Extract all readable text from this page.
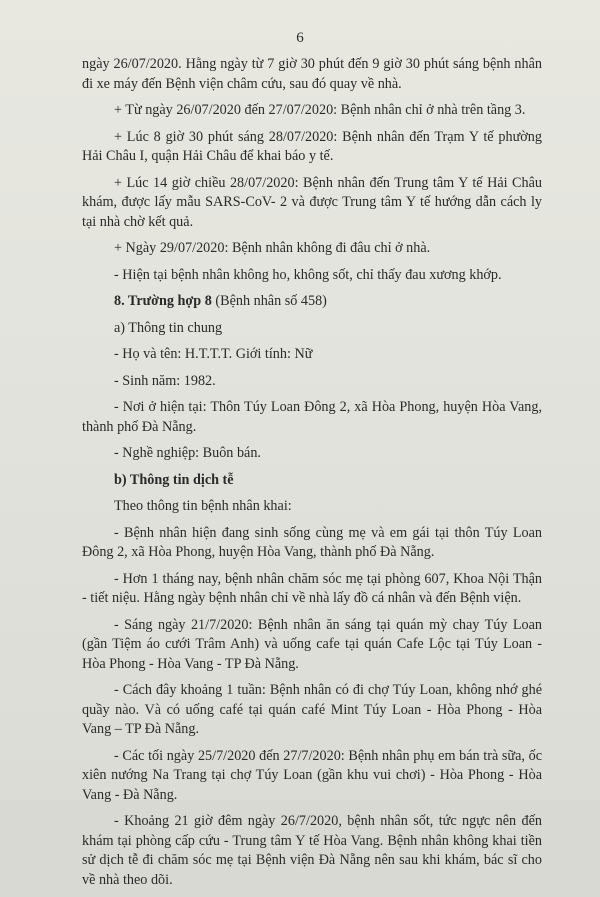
6

ngày 26/07/2020. Hằng ngày từ 7 giờ 30 phút đến 9 giờ 30 phút sáng bệnh nhân đi xe máy đến Bệnh viện châm cứu, sau đó quay về nhà.

+ Từ ngày 26/07/2020 đến 27/07/2020: Bệnh nhân chỉ ở nhà trên tầng 3.

+ Lúc 8 giờ 30 phút sáng 28/07/2020: Bệnh nhân đến Trạm Y tế phường Hải Châu I, quận Hải Châu để khai báo y tế.

+ Lúc 14 giờ chiều 28/07/2020: Bệnh nhân đến Trung tâm Y tế Hải Châu khám, được lấy mẫu SARS-CoV- 2 và được Trung tâm Y tế hướng dẫn cách ly tại nhà chờ kết quả.

+ Ngày 29/07/2020: Bệnh nhân không đi đâu chỉ ở nhà.

- Hiện tại bệnh nhân không ho, không sốt, chỉ thấy đau xương khớp.

8. Trường hợp 8 (Bệnh nhân số 458)

a) Thông tin chung

- Họ và tên: H.T.T.T. Giới tính: Nữ

- Sinh năm: 1982.

- Nơi ở hiện tại: Thôn Túy Loan Đông 2, xã Hòa Phong, huyện Hòa Vang, thành phố Đà Nẵng.

- Nghề nghiệp: Buôn bán.

b) Thông tin dịch tễ

Theo thông tin bệnh nhân khai:

- Bệnh nhân hiện đang sinh sống cùng mẹ và em gái tại thôn Túy Loan Đông 2, xã Hòa Phong, huyện Hòa Vang, thành phố Đà Nẵng.

- Hơn 1 tháng nay, bệnh nhân chăm sóc mẹ tại phòng 607, Khoa Nội Thận - tiết niệu. Hằng ngày bệnh nhân chỉ về nhà lấy đồ cá nhân và đến Bệnh viện.

- Sáng ngày 21/7/2020: Bệnh nhân ăn sáng tại quán mỳ chay Túy Loan (gần Tiệm áo cưới Trâm Anh) và uống cafe tại quán Cafe Lộc tại Túy Loan - Hòa Phong - Hòa Vang - TP Đà Nẵng.

- Cách đây khoảng 1 tuần: Bệnh nhân có đi chợ Túy Loan, không nhớ ghé quầy nào. Và có uống café tại quán café Mint Túy Loan - Hòa Phong - Hòa Vang – TP Đà Nẵng.

- Các tối ngày 25/7/2020 đến 27/7/2020: Bệnh nhân phụ em bán trà sữa, ốc xiên nướng Na Trang tại chợ Túy Loan (gần khu vui chơi) - Hòa Phong - Hòa Vang - Đà Nẵng.

- Khoảng 21 giờ đêm ngày 26/7/2020, bệnh nhân sốt, tức ngực nên đến khám tại phòng cấp cứu - Trung tâm Y tế Hòa Vang. Bệnh nhân không khai tiền sử dịch tễ đi chăm sóc mẹ tại Bệnh viện Đà Nẵng nên sau khi khám, bác sĩ cho về nhà theo dõi.
